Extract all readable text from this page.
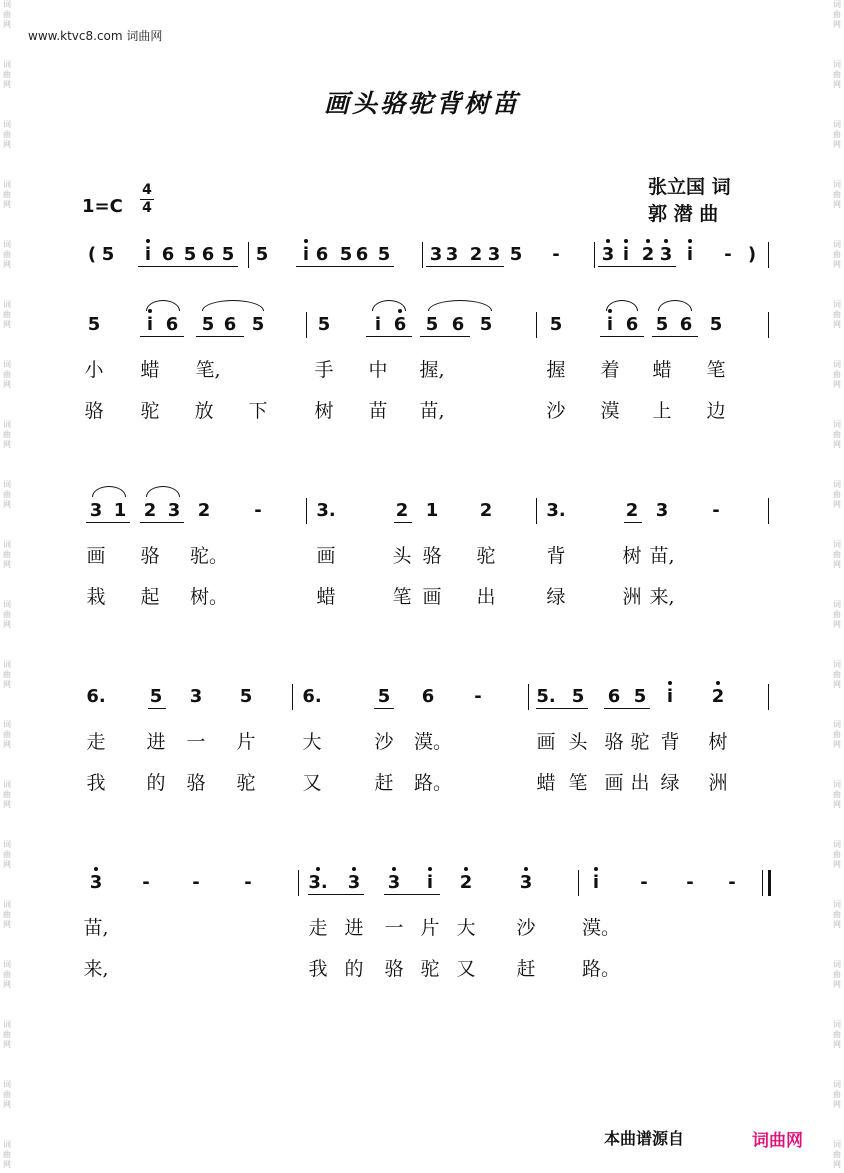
词曲网
词曲网
词曲网
词曲网
词曲网
词曲网
词曲网
词曲网
词曲网
词曲网
词曲网
词曲网
词曲网
词曲网
词曲网
词曲网
词曲网
词曲网
词曲网
词曲网
词曲网
词曲网
词曲网
词曲网
词曲网
词曲网
词曲网
词曲网
词曲网
词曲网
词曲网
词曲网
词曲网
词曲网
词曲网
词曲网
词曲网
词曲网
词曲网
词曲网
www.ktvc8.com 词曲网
画头骆驼背树苗
张立国 词
郭 潜 曲
1=C
4
4
( 5	i 6 5 6 5 5	i 6 5 6 5 3 3 2 3 5	-	3 i 2 3 i	- )
5	i 6 5 6 5	5	i 6 5 6 5	5	i 6 5 6 5
小 蜡 笔,	手 中 握,	握 着 蜡 笔
骆 驼 放 下 树 苗 苗,	沙 漠 上 边
3 1 2 3 2	-	3.	2 1 2	3.	2 3	-
画 骆 驼。	画	头 骆 驼	背	树 苗,
栽 起 树。	蜡	笔 画 出	绿	洲 来,
6. 5 3 5	6.	5 6	-	5. 5 6 5	i	2
走 进 一 片 大	沙 漠。	画 头 骆 驼 背 树
我 的 骆 驼 又	赶 路。	蜡 笔 画 出 绿 洲
3	-	-	-	3. 3 3	i	2	3	i	-	-	-
苗,	走 进 一 片 大 沙 漠。
来,	我 的 骆 驼 又 赶 路。
本曲谱源自	词曲网
